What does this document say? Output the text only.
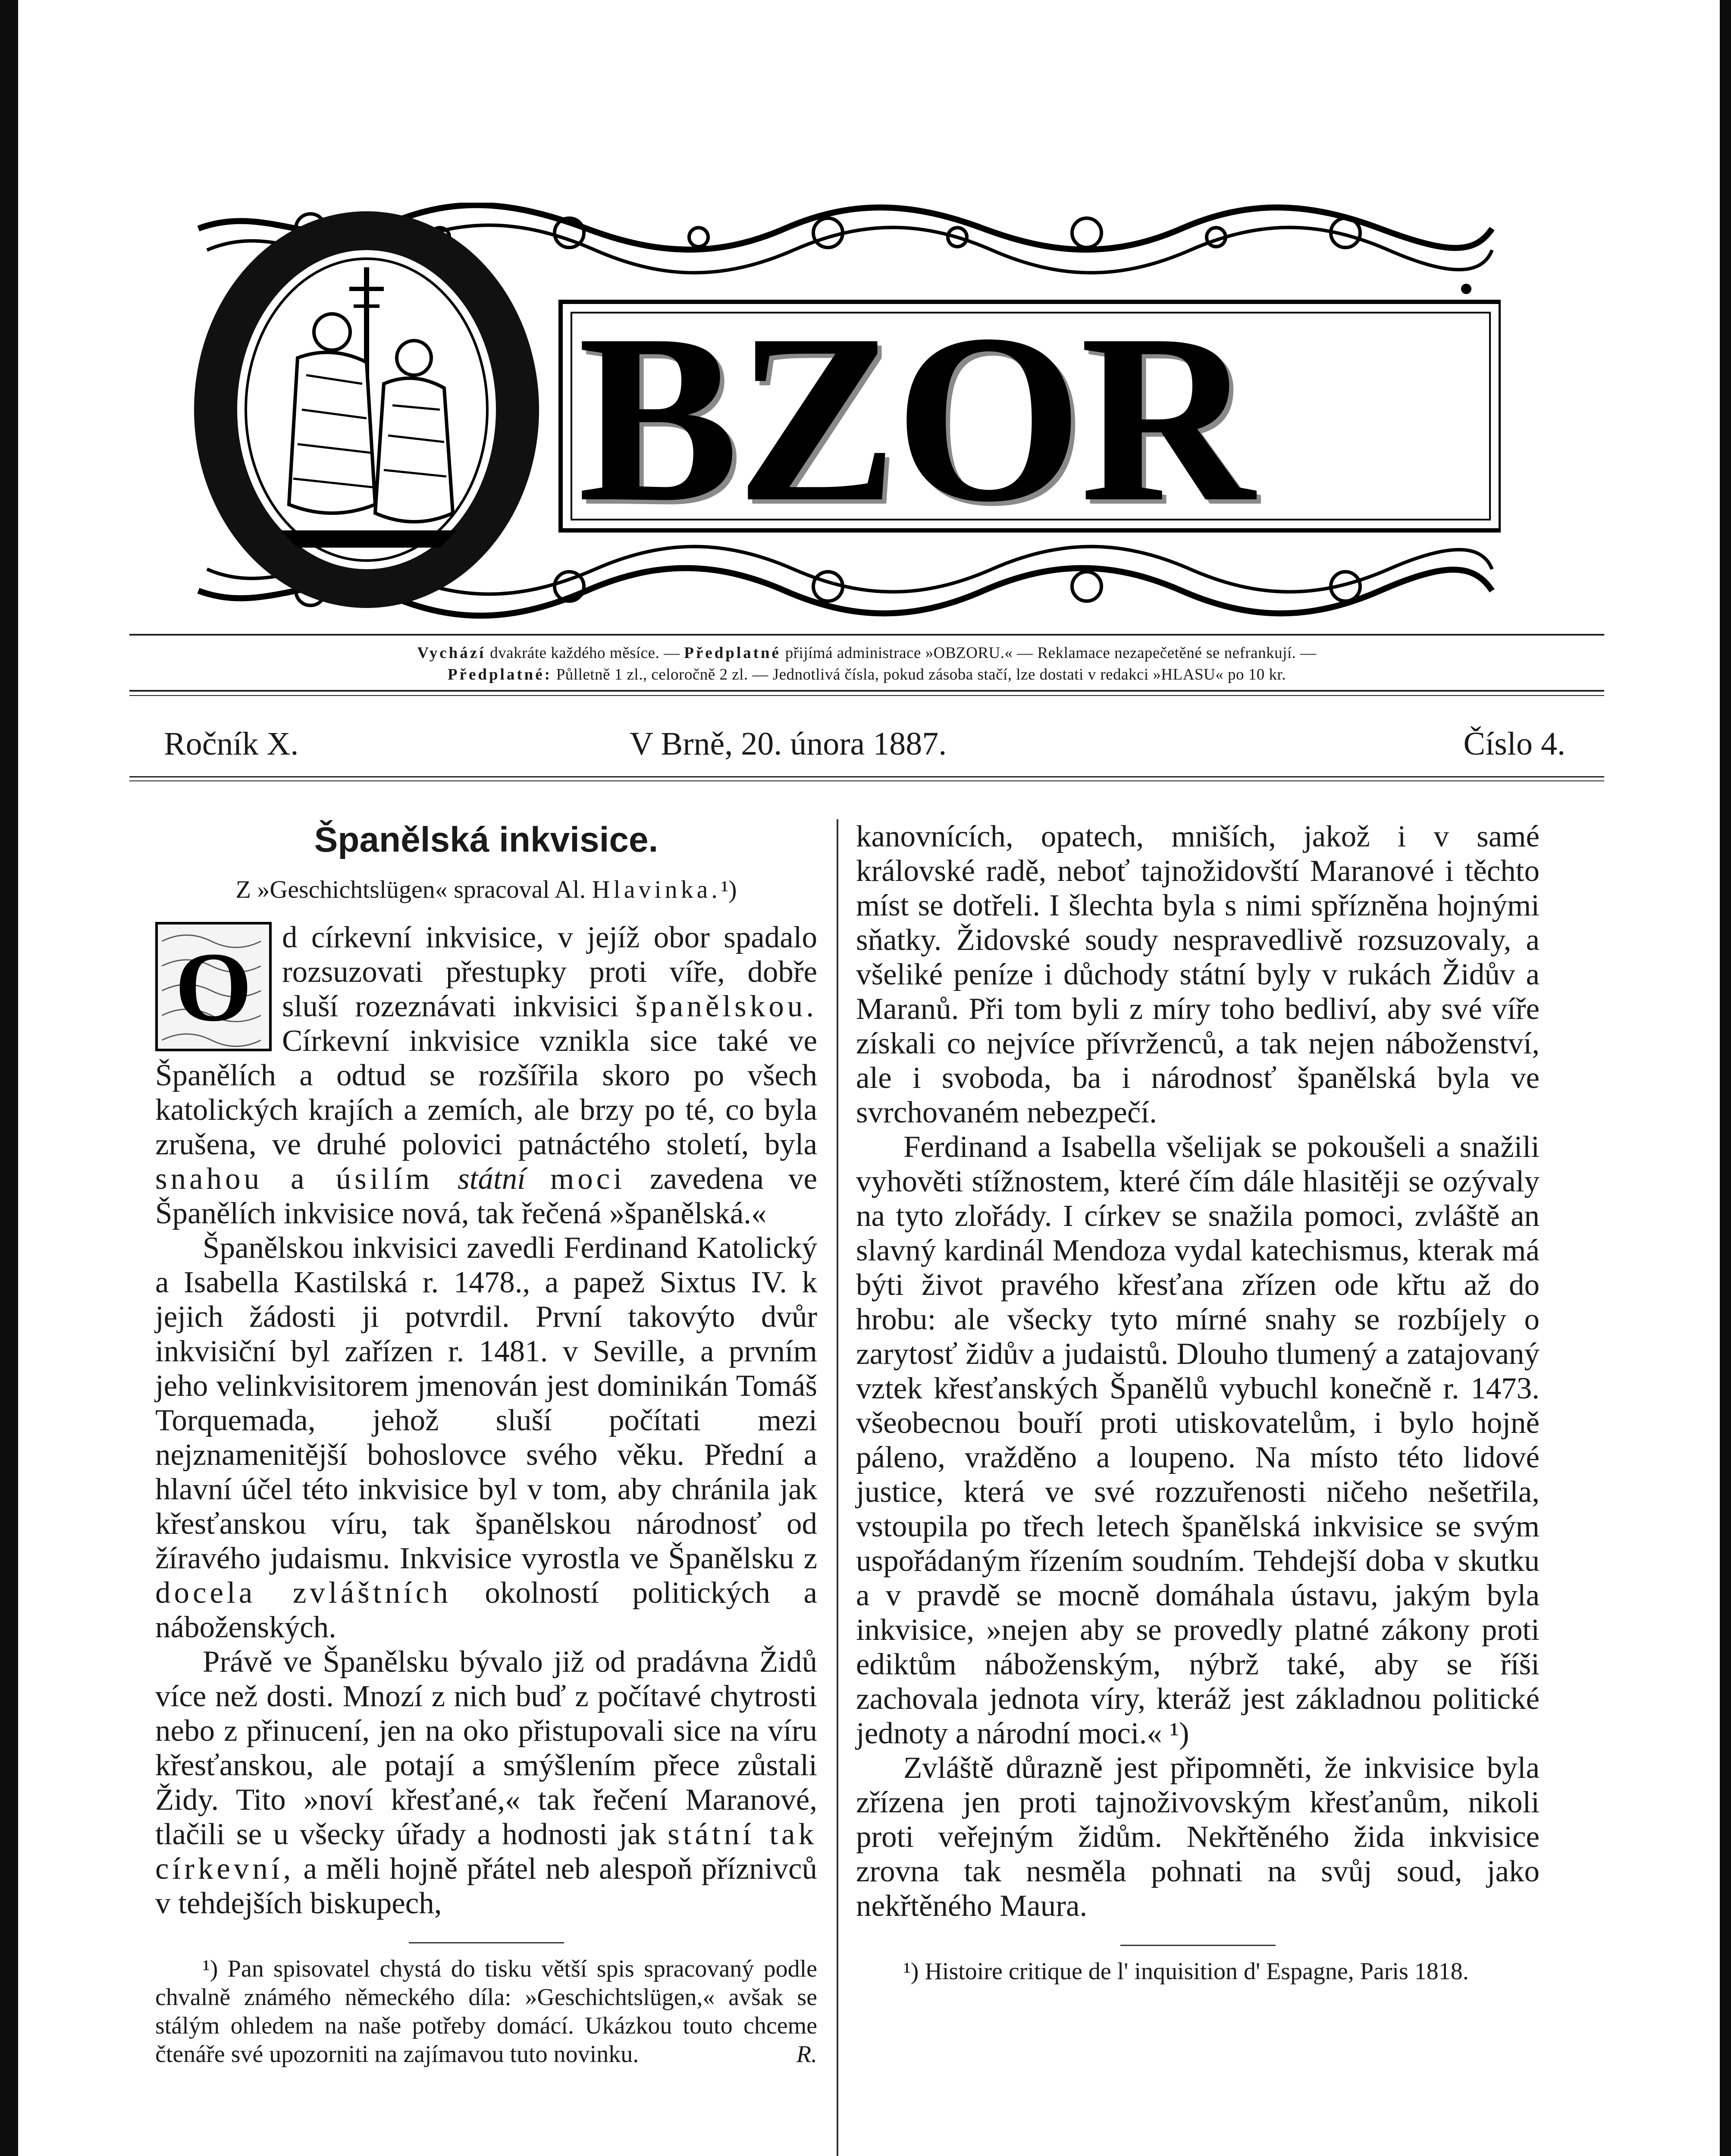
BZOR
Vychází dvakráte každého měsíce. — Předplatné přijímá administrace »OBZORU.« — Reklamace nezapečetěné se nefrankují. —
Předplatné: Půlletně 1 zl., celoročně 2 zl. — Jednotlivá čísla, pokud zásoba stačí, lze dostati v redakci »HLASU« po 10 kr.
Ročník X.	V Brně, 20. února 1887.	Číslo 4.
Španělská inkvisice.
Z »Geschichtslügen« spracoval Al. Hlavinka.¹)

O d církevní inkvisice, v jejíž obor spadalo rozsuzovati přestupky proti víře, dobře sluší rozeznávati inkvisici španělskou. Církevní inkvisice vznikla sice také ve Španělích a odtud se rozšířila skoro po všech katolických krajích a zemích, ale brzy po té, co byla zrušena, ve druhé polovici patnáctého století, byla snahou a úsilím státní moci zavedena ve Španělích inkvisice nová, tak řečená »španělská.«

Španělskou inkvisici zavedli Ferdinand Katolický a Isabella Kastilská r. 1478., a papež Sixtus IV. k jejich žádosti ji potvrdil. První takovýto dvůr inkvisiční byl zařízen r. 1481. v Seville, a prvním jeho velinkvisitorem jmenován jest dominikán Tomáš Torquemada, jehož sluší počítati mezi nejznamenitější bohoslovce svého věku. Přední a hlavní účel této inkvisice byl v tom, aby chránila jak křesťanskou víru, tak španělskou národnosť od žíravého judaismu. Inkvisice vyrostla ve Španělsku z docela zvláštních okolností politických a náboženských.

Právě ve Španělsku bývalo již od pradávna Židů více než dosti. Mnozí z nich buď z počítavé chytrosti nebo z přinucení, jen na oko přistupovali sice na víru křesťanskou, ale potají a smýšlením přece zůstali Židy. Tito »noví křesťané,« tak řečení Maranové, tlačili se u všecky úřady a hodnosti jak státní tak církevní, a měli hojně přátel neb alespoň příznivců v tehdejších biskupech,

¹) Pan spisovatel chystá do tisku větší spis spracovaný podle chvalně známého německého díla: »Geschichtslügen,« avšak se stálým ohledem na naše potřeby domácí. Ukázkou touto chceme čtenáře své upozorniti na zajímavou tuto novinku.	R.

kanovnících, opatech, mniších, jakož i v samé královské radě, neboť tajnožidovští Maranové i těchto míst se dotřeli. I šlechta byla s nimi spřízněna hojnými sňatky. Židovské soudy nespravedlivě rozsuzovaly, a všeliké peníze i důchody státní byly v rukách Židův a Maranů. Při tom byli z míry toho bedliví, aby své víře získali co nejvíce přívrženců, a tak nejen náboženství, ale i svoboda, ba i národnosť španělská byla ve svrchovaném nebezpečí.

Ferdinand a Isabella všelijak se pokoušeli a snažili vyhověti stížnostem, které čím dále hlasitěji se ozývaly na tyto zlořády. I církev se snažila pomoci, zvláště an slavný kardinál Mendoza vydal katechismus, kterak má býti život pravého křesťana zřízen ode křtu až do hrobu: ale všecky tyto mírné snahy se rozbíjely o zarytosť židův a judaistů. Dlouho tlumený a zatajovaný vztek křesťanských Španělů vybuchl konečně r. 1473. všeobecnou bouří proti utiskovatelům, i bylo hojně páleno, vražděno a loupeno. Na místo této lidové justice, která ve své rozzuřenosti ničeho nešetřila, vstoupila po třech letech španělská inkvisice se svým uspořádaným řízením soudním. Tehdejší doba v skutku a v pravdě se mocně domáhala ústavu, jakým byla inkvisice, »nejen aby se provedly platné zákony proti ediktům náboženským, nýbrž také, aby se říši zachovala jednota víry, kteráž jest základnou politické jednoty a národní moci.« ¹)

Zvláště důrazně jest připomněti, že inkvisice byla zřízena jen proti tajnoživovským křesťanům, nikoli proti veřejným židům. Nekřtěného žida inkvisice zrovna tak nesměla pohnati na svůj soud, jako nekřtěného Maura.

¹) Histoire critique de l' inquisition d' Espagne, Paris 1818.
